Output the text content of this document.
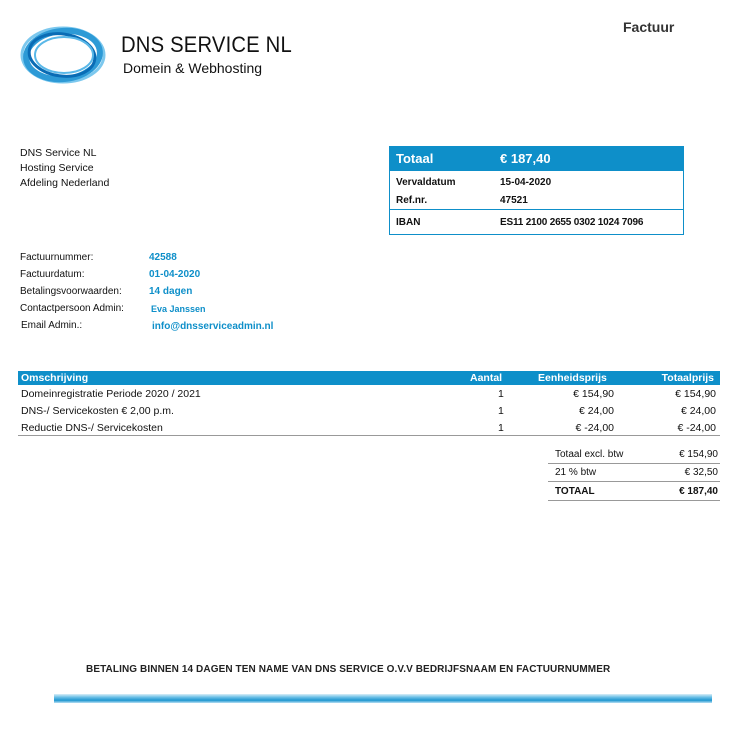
DNS SERVICE NL
Domein & Webhosting
Factuur
DNS Service NL
Hosting Service
Afdeling Nederland
Totaal	€ 187,40
Vervaldatum	15-04-2020
Ref.nr.	47521
IBAN	ES11 2100 2655 0302 1024 7096
Factuurnummer:	42588
Factuurdatum:	01-04-2020
Betalingsvoorwaarden:	14 dagen
Contactpersoon Admin:	Eva Janssen
Email Admin.:	info@dnsserviceadmin.nl
Omschrijving	Aantal	Eenheidsprijs	Totaalprijs
Domeinregistratie Periode 2020 / 2021	1	€ 154,90	€ 154,90
DNS-/ Servicekosten € 2,00 p.m.	1	€ 24,00	€ 24,00
Reductie DNS-/ Servicekosten	1	€ -24,00	€ -24,00
Totaal excl. btw	€ 154,90
21 % btw	€ 32,50
TOTAAL	€ 187,40
BETALING BINNEN 14 DAGEN TEN NAME VAN DNS SERVICE O.V.V BEDRIJFSNAAM EN FACTUURNUMMER
